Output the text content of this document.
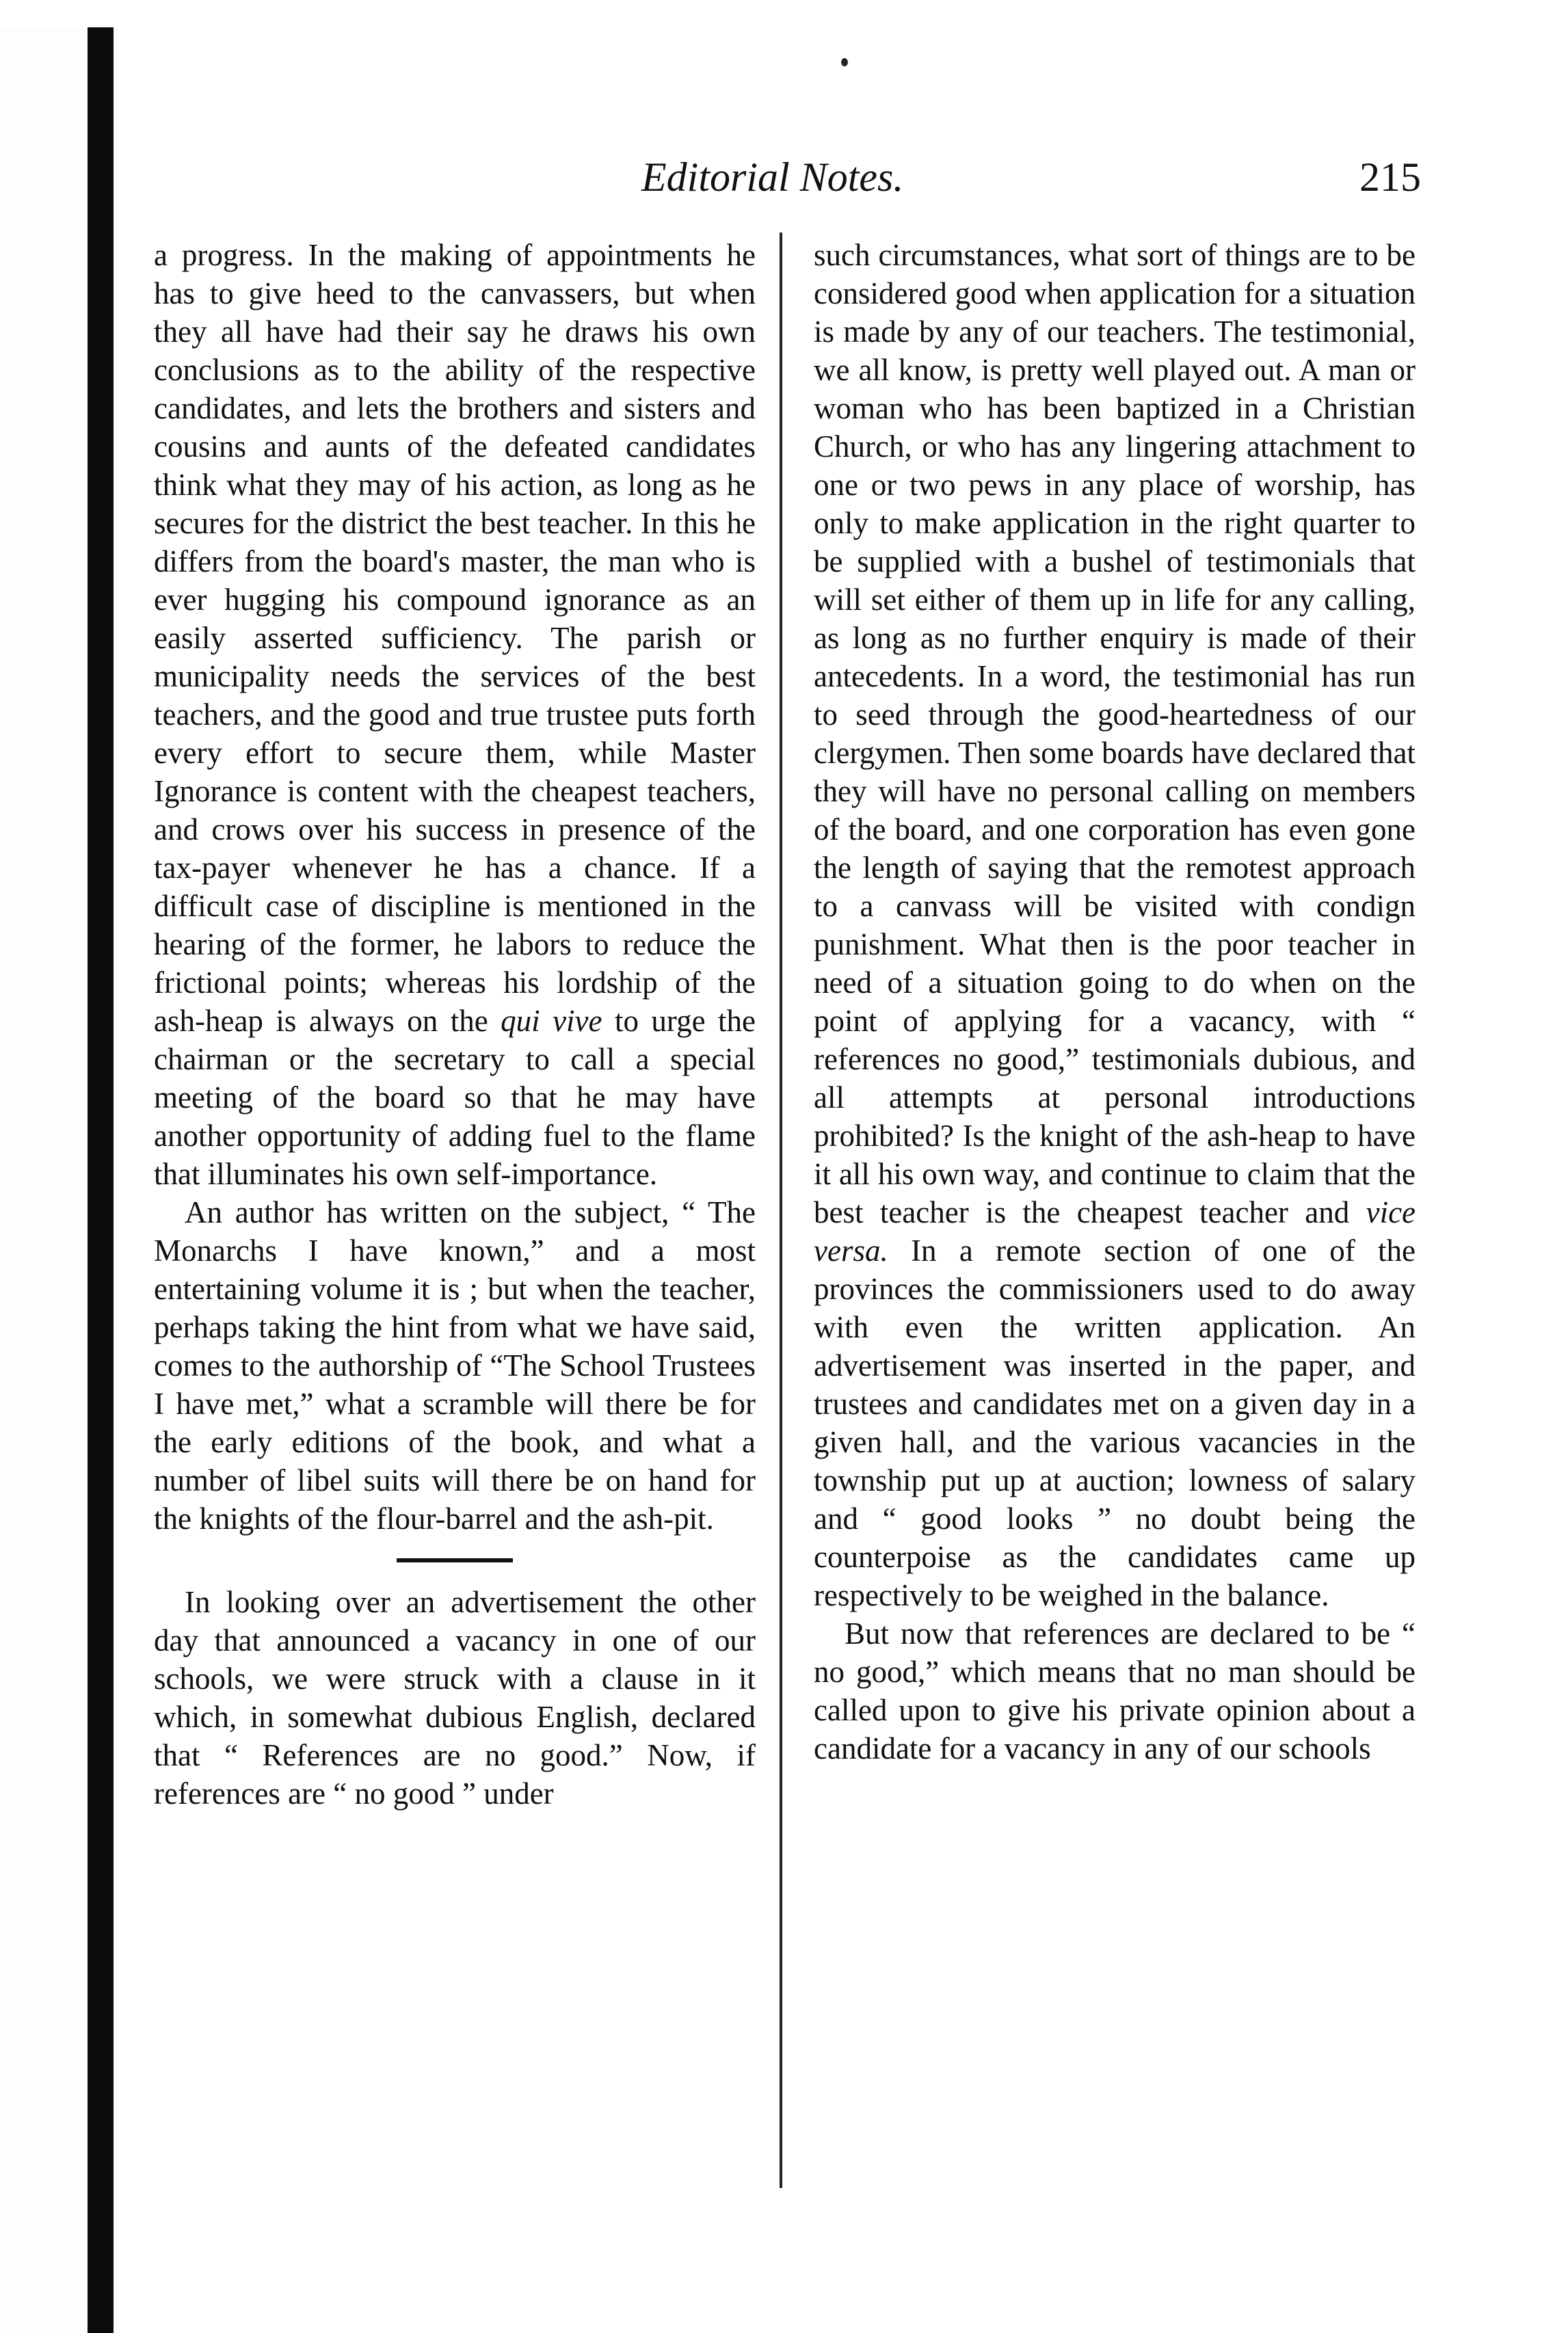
Editorial Notes.	215

a progress. In the making of appointments he has to give heed to the canvassers, but when they all have had their say he draws his own conclusions as to the ability of the respective candidates, and lets the brothers and sisters and cousins and aunts of the defeated candidates think what they may of his action, as long as he secures for the district the best teacher. In this he differs from the board's master, the man who is ever hugging his compound ignorance as an easily asserted sufficiency. The parish or municipality needs the services of the best teachers, and the good and true trustee puts forth every effort to secure them, while Master Ignorance is content with the cheapest teachers, and crows over his success in presence of the tax-payer whenever he has a chance. If a difficult case of discipline is mentioned in the hearing of the former, he labors to reduce the frictional points; whereas his lordship of the ash-heap is always on the qui vive to urge the chairman or the secretary to call a special meeting of the board so that he may have another opportunity of adding fuel to the flame that illuminates his own self-importance.

An author has written on the subject, “ The Monarchs I have known,” and a most entertaining volume it is ; but when the teacher, perhaps taking the hint from what we have said, comes to the authorship of “The School Trustees I have met,” what a scramble will there be for the early editions of the book, and what a number of libel suits will there be on hand for the knights of the flour-barrel and the ash-pit.

In looking over an advertisement the other day that announced a vacancy in one of our schools, we were struck with a clause in it which, in somewhat dubious English, declared that “ References are no good.” Now, if references are “ no good ” under

such circumstances, what sort of things are to be considered good when application for a situation is made by any of our teachers. The testimonial, we all know, is pretty well played out. A man or woman who has been baptized in a Christian Church, or who has any lingering attachment to one or two pews in any place of worship, has only to make application in the right quarter to be supplied with a bushel of testimonials that will set either of them up in life for any calling, as long as no further enquiry is made of their antecedents. In a word, the testimonial has run to seed through the good-heartedness of our clergymen. Then some boards have declared that they will have no personal calling on members of the board, and one corporation has even gone the length of saying that the remotest approach to a canvass will be visited with condign punishment. What then is the poor teacher in need of a situation going to do when on the point of applying for a vacancy, with “ references no good,” testimonials dubious, and all attempts at personal introductions prohibited? Is the knight of the ash-heap to have it all his own way, and continue to claim that the best teacher is the cheapest teacher and vice versa. In a remote section of one of the provinces the commissioners used to do away with even the written application. An advertisement was inserted in the paper, and trustees and candidates met on a given day in a given hall, and the various vacancies in the township put up at auction; lowness of salary and “ good looks ” no doubt being the counterpoise as the candidates came up respectively to be weighed in the balance.

But now that references are declared to be “ no good,” which means that no man should be called upon to give his private opinion about a candidate for a vacancy in any of our schools
